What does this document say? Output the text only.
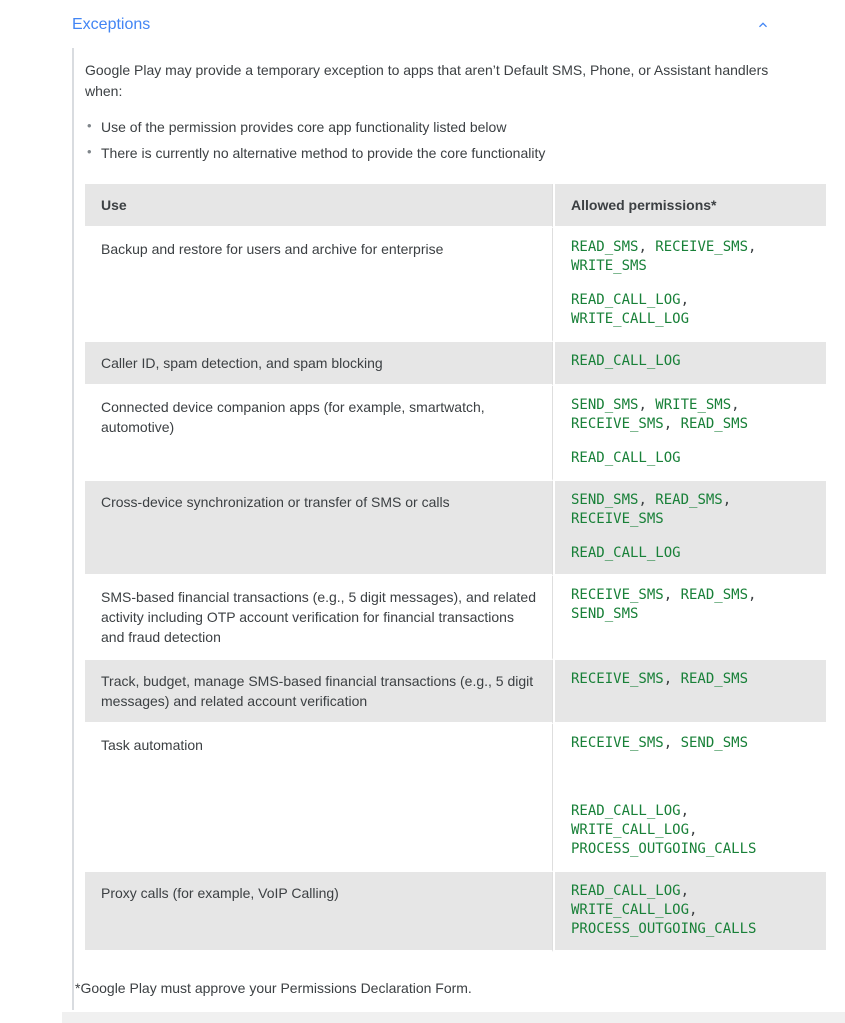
Exceptions

Google Play may provide a temporary exception to apps that aren’t Default SMS, Phone, or Assistant handlers when:

• Use of the permission provides core app functionality listed below
• There is currently no alternative method to provide the core functionality
Use	Allowed permissions*
Backup and restore for users and archive for enterprise	READ_SMS, RECEIVE_SMS, WRITE_SMS

READ_CALL_LOG, WRITE_CALL_LOG

Caller ID, spam detection, and spam blocking	READ_CALL_LOG

Connected device companion apps (for example, smartwatch, automotive)	SEND_SMS, WRITE_SMS, RECEIVE_SMS, READ_SMS

READ_CALL_LOG

Cross-device synchronization or transfer of SMS or calls	SEND_SMS, READ_SMS, RECEIVE_SMS

READ_CALL_LOG

SMS-based financial transactions (e.g., 5 digit messages), and related activity including OTP account verification for financial transactions and fraud detection	RECEIVE_SMS, READ_SMS, SEND_SMS

Track, budget, manage SMS-based financial transactions (e.g., 5 digit messages) and related account verification	RECEIVE_SMS, READ_SMS

Task automation	RECEIVE_SMS, SEND_SMS

READ_CALL_LOG, WRITE_CALL_LOG, PROCESS_OUTGOING_CALLS

Proxy calls (for example, VoIP Calling)	READ_CALL_LOG, WRITE_CALL_LOG, PROCESS_OUTGOING_CALLS

*Google Play must approve your Permissions Declaration Form.
